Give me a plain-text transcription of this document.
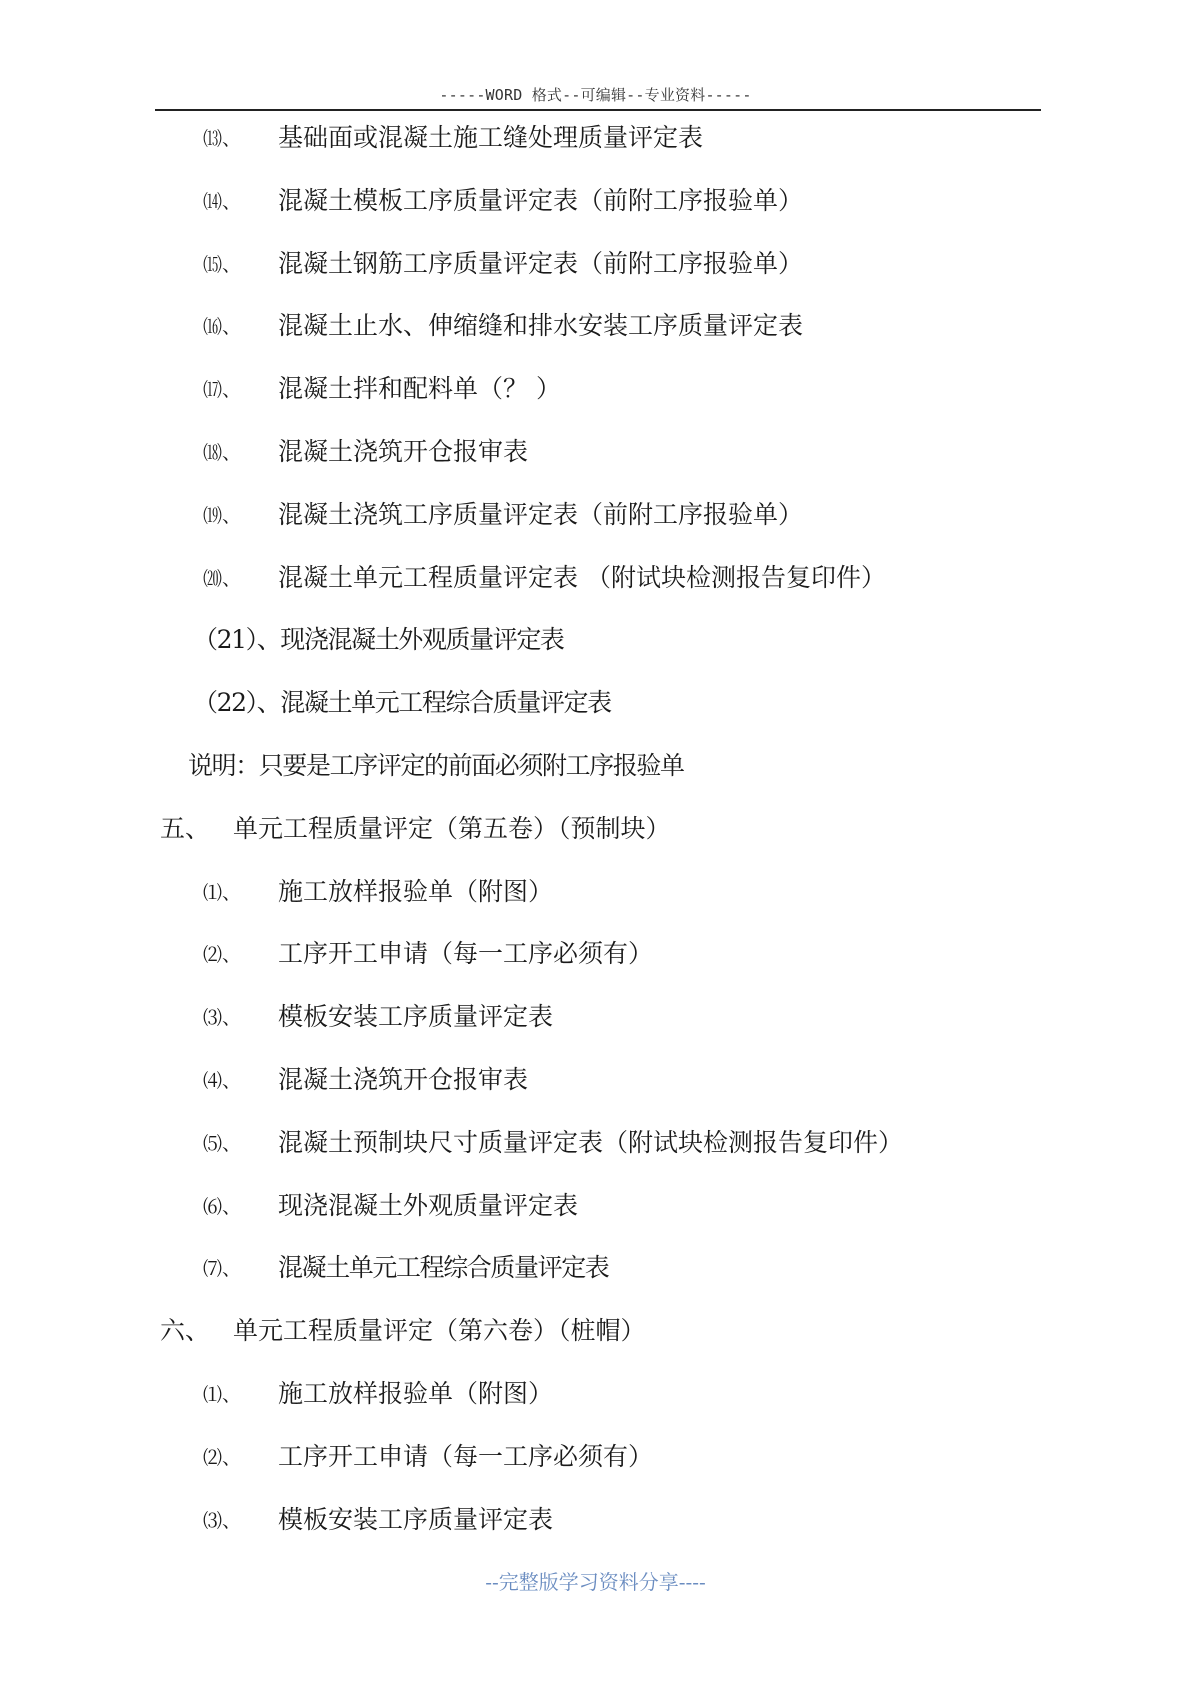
-----WORD 格式--可编辑--专业资料-----
⒀、 基础面或混凝土施工缝处理质量评定表
⒁、 混凝土模板工序质量评定表（前附工序报验单）
⒂、 混凝土钢筋工序质量评定表（前附工序报验单）
⒃、 混凝土止水、伸缩缝和排水安装工序质量评定表
⒄、 混凝土拌和配料单（？ ）
⒅、 混凝土浇筑开仓报审表
⒆、 混凝土浇筑工序质量评定表（前附工序报验单）
⒇、 混凝土单元工程质量评定表 （附试块检测报告复印件）
（21）、现浇混凝土外观质量评定表
（22）、混凝土单元工程综合质量评定表
说明：只要是工序评定的前面必须附工序报验单
五、 单元工程质量评定（第五卷）（预制块）
⑴、 施工放样报验单（附图）
⑵、 工序开工申请（每一工序必须有）
⑶、 模板安装工序质量评定表
⑷、 混凝土浇筑开仓报审表
⑸、 混凝土预制块尺寸质量评定表（附试块检测报告复印件）
⑹、 现浇混凝土外观质量评定表
⑺、 混凝土单元工程综合质量评定表
六、 单元工程质量评定（第六卷）（桩帽）
⑴、 施工放样报验单（附图）
⑵、 工序开工申请（每一工序必须有）
⑶、 模板安装工序质量评定表
--完整版学习资料分享----
